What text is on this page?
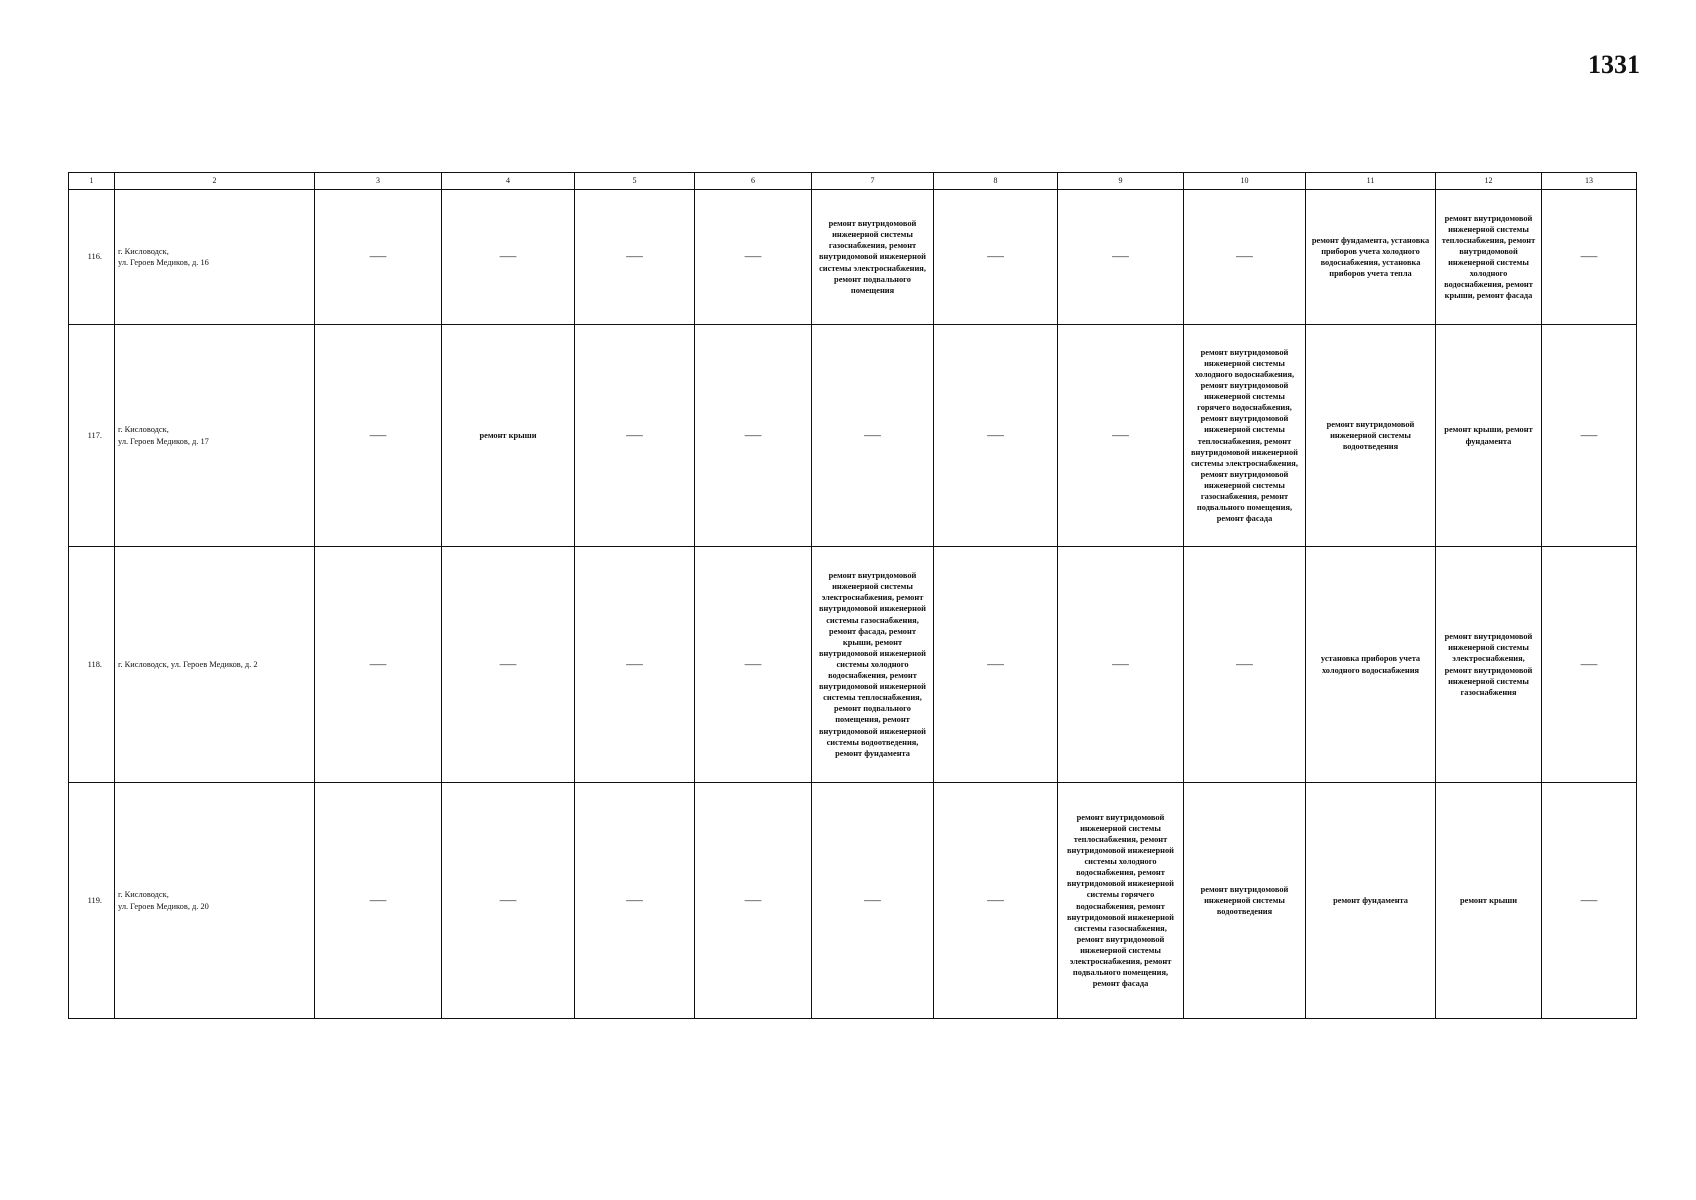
1331
1	2	3	4	5	6	7	8	9	10	11	12	13
116.	г. Кисловодск,
ул. Героев Медиков, д. 16	——	——	——	——	ремонт внутридомовой инженерной системы газоснабжения, ремонт внутридомовой инженерной системы электроснабжения, ремонт подвального помещения	——	——	——	ремонт фундамента, установка приборов учета холодного водоснабжения, установка приборов учета тепла	ремонт внутридомовой инженерной системы теплоснабжения, ремонт внутридомовой инженерной системы холодного водоснабжения, ремонт крыши, ремонт фасада	——
117.	г. Кисловодск,
ул. Героев Медиков, д. 17	——	ремонт крыши	——	——	——	——	——	ремонт внутридомовой инженерной системы холодного водоснабжения, ремонт внутридомовой инженерной системы горячего водоснабжения, ремонт внутридомовой инженерной системы теплоснабжения, ремонт внутридомовой инженерной системы электроснабжения, ремонт внутридомовой инженерной системы газоснабжения, ремонт подвального помещения, ремонт фасада	ремонт внутридомовой инженерной системы водоотведения	ремонт крыши, ремонт фундамента	——
118.	г. Кисловодск, ул. Героев Медиков, д. 2	——	——	——	——	ремонт внутридомовой инженерной системы электроснабжения, ремонт внутридомовой инженерной системы газоснабжения, ремонт фасада, ремонт крыши, ремонт внутридомовой инженерной системы холодного водоснабжения, ремонт внутридомовой инженерной системы теплоснабжения, ремонт подвального помещения, ремонт внутридомовой инженерной системы водоотведения, ремонт фундамента	——	——	——	установка приборов учета холодного водоснабжения	ремонт внутридомовой инженерной системы электроснабжения, ремонт внутридомовой инженерной системы газоснабжения	——
119.	г. Кисловодск,
ул. Героев Медиков, д. 20	——	——	——	——	——	——	ремонт внутридомовой инженерной системы теплоснабжения, ремонт внутридомовой инженерной системы холодного водоснабжения, ремонт внутридомовой инженерной системы горячего водоснабжения, ремонт внутридомовой инженерной системы газоснабжения, ремонт внутридомовой инженерной системы электроснабжения, ремонт подвального помещения, ремонт фасада	ремонт внутридомовой инженерной системы водоотведения	ремонт фундамента	ремонт крыши	——
